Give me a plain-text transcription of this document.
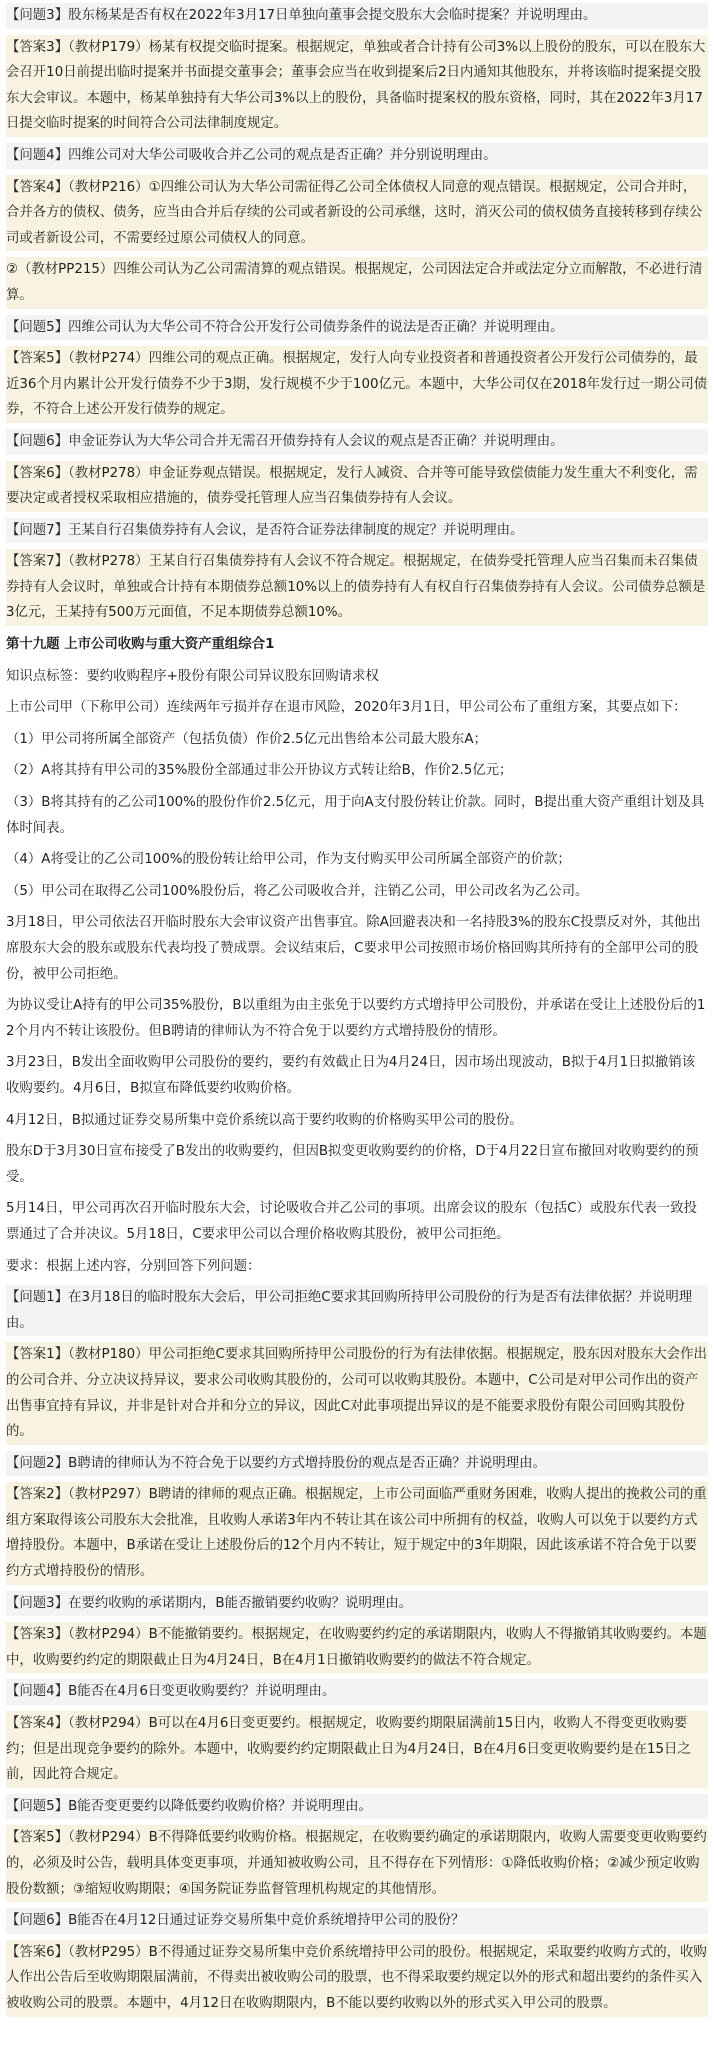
【问题3】股东杨某是否有权在2022年3月17日单独向董事会提交股东大会临时提案？并说明理由。

【答案3】（教材P179）杨某有权提交临时提案。根据规定，单独或者合计持有公司3%以上股份的股东，可以在股东大会召开10日前提出临时提案并书面提交董事会；董事会应当在收到提案后2日内通知其他股东，并将该临时提案提交股东大会审议。本题中，杨某单独持有大华公司3%以上的股份，具备临时提案权的股东资格，同时，其在2022年3月17日提交临时提案的时间符合公司法律制度规定。

【问题4】四维公司对大华公司吸收合并乙公司的观点是否正确？并分别说明理由。

【答案4】（教材P216）①四维公司认为大华公司需征得乙公司全体债权人同意的观点错误。根据规定，公司合并时，合并各方的债权、债务，应当由合并后存续的公司或者新设的公司承继，这时，消灭公司的债权债务直接转移到存续公司或者新设公司，不需要经过原公司债权人的同意。

②（教材PP215）四维公司认为乙公司需清算的观点错误。根据规定，公司因法定合并或法定分立而解散，不必进行清算。

【问题5】四维公司认为大华公司不符合公开发行公司债券条件的说法是否正确？并说明理由。

【答案5】（教材P274）四维公司的观点正确。根据规定，发行人向专业投资者和普通投资者公开发行公司债券的，最近36个月内累计公开发行债券不少于3期，发行规模不少于100亿元。本题中，大华公司仅在2018年发行过一期公司债券，不符合上述公开发行债券的规定。

【问题6】申金证券认为大华公司合并无需召开债券持有人会议的观点是否正确？并说明理由。

【答案6】（教材P278）申金证券观点错误。根据规定，发行人减资、合并等可能导致偿债能力发生重大不利变化，需要决定或者授权采取相应措施的，债券受托管理人应当召集债券持有人会议。

【问题7】王某自行召集债券持有人会议，是否符合证券法律制度的规定？并说明理由。

【答案7】（教材P278）王某自行召集债券持有人会议不符合规定。根据规定，在债券受托管理人应当召集而未召集债券持有人会议时，单独或合计持有本期债券总额10%以上的债券持有人有权自行召集债券持有人会议。公司债券总额是3亿元，王某持有500万元面值，不足本期债券总额10%。

第十九题 上市公司收购与重大资产重组综合1

知识点标签：要约收购程序+股份有限公司异议股东回购请求权

上市公司甲（下称甲公司）连续两年亏损并存在退市风险，2020年3月1日，甲公司公布了重组方案，其要点如下：

（1）甲公司将所属全部资产（包括负债）作价2.5亿元出售给本公司最大股东A；

（2）A将其持有甲公司的35%股份全部通过非公开协议方式转让给B，作价2.5亿元；

（3）B将其持有的乙公司100%的股份作价2.5亿元，用于向A支付股份转让价款。同时，B提出重大资产重组计划及具体时间表。

（4）A将受让的乙公司100%的股份转让给甲公司，作为支付购买甲公司所属全部资产的价款；

（5）甲公司在取得乙公司100%股份后，将乙公司吸收合并，注销乙公司，甲公司改名为乙公司。

3月18日，甲公司依法召开临时股东大会审议资产出售事宜。除A回避表决和一名持股3%的股东C投票反对外，其他出席股东大会的股东或股东代表均投了赞成票。会议结束后，C要求甲公司按照市场价格回购其所持有的全部甲公司的股份，被甲公司拒绝。

为协议受让A持有的甲公司35%股份，B以重组为由主张免于以要约方式增持甲公司股份，并承诺在受让上述股份后的12个月内不转让该股份。但B聘请的律师认为不符合免于以要约方式增持股份的情形。

3月23日，B发出全面收购甲公司股份的要约，要约有效截止日为4月24日，因市场出现波动，B拟于4月1日拟撤销该收购要约。4月6日，B拟宣布降低要约收购价格。

4月12日，B拟通过证券交易所集中竞价系统以高于要约收购的价格购买甲公司的股份。

股东D于3月30日宣布接受了B发出的收购要约，但因B拟变更收购要约的价格，D于4月22日宣布撤回对收购要约的预受。

5月14日，甲公司再次召开临时股东大会，讨论吸收合并乙公司的事项。出席会议的股东（包括C）或股东代表一致投票通过了合并决议。5月18日，C要求甲公司以合理价格收购其股份，被甲公司拒绝。

要求：根据上述内容，分别回答下列问题：

【问题1】在3月18日的临时股东大会后，甲公司拒绝C要求其回购所持甲公司股份的行为是否有法律依据？并说明理由。

【答案1】（教材P180）甲公司拒绝C要求其回购所持甲公司股份的行为有法律依据。根据规定，股东因对股东大会作出的公司合并、分立决议持异议，要求公司收购其股份的，公司可以收购其股份。本题中，C公司是对甲公司作出的资产出售事宜持有异议，并非是针对合并和分立的异议，因此C对此事项提出异议的是不能要求股份有限公司回购其股份的。

【问题2】B聘请的律师认为不符合免于以要约方式增持股份的观点是否正确？并说明理由。

【答案2】（教材P297）B聘请的律师的观点正确。根据规定，上市公司面临严重财务困难，收购人提出的挽救公司的重组方案取得该公司股东大会批准，且收购人承诺3年内不转让其在该公司中所拥有的权益，收购人可以免于以要约方式增持股份。本题中，B承诺在受让上述股份后的12个月内不转让，短于规定中的3年期限，因此该承诺不符合免于以要约方式增持股份的情形。

【问题3】在要约收购的承诺期内，B能否撤销要约收购？说明理由。

【答案3】（教材P294）B不能撤销要约。根据规定，在收购要约约定的承诺期限内，收购人不得撤销其收购要约。本题中，收购要约约定的期限截止日为4月24日，B在4月1日撤销收购要约的做法不符合规定。

【问题4】B能否在4月6日变更收购要约？并说明理由。

【答案4】（教材P294）B可以在4月6日变更要约。根据规定，收购要约期限届满前15日内，收购人不得变更收购要约；但是出现竞争要约的除外。本题中，收购要约约定期限截止日为4月24日，B在4月6日变更收购要约是在15日之前，因此符合规定。

【问题5】B能否变更要约以降低要约收购价格？并说明理由。

【答案5】（教材P294）B不得降低要约收购价格。根据规定，在收购要约确定的承诺期限内，收购人需要变更收购要约的，必须及时公告，载明具体变更事项，并通知被收购公司，且不得存在下列情形：①降低收购价格；②减少预定收购股份数额；③缩短收购期限；④国务院证券监督管理机构规定的其他情形。

【问题6】B能否在4月12日通过证券交易所集中竞价系统增持甲公司的股份？

【答案6】（教材P295）B不得通过证券交易所集中竞价系统增持甲公司的股份。根据规定，采取要约收购方式的，收购人作出公告后至收购期限届满前，不得卖出被收购公司的股票，也不得采取要约规定以外的形式和超出要约的条件买入被收购公司的股票。本题中，4月12日在收购期限内，B不能以要约收购以外的形式买入甲公司的股票。
